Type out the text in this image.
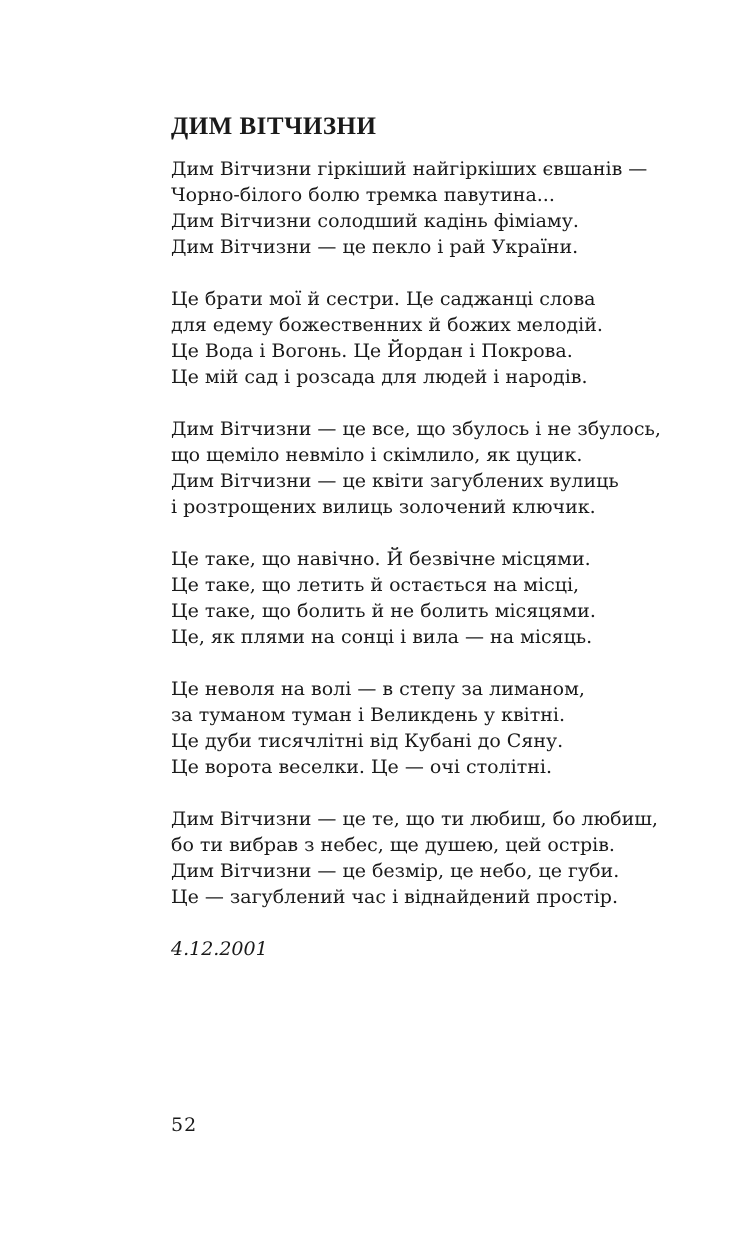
ДИМ ВІТЧИЗНИ
Дим Вітчизни гіркіший найгіркіших євшанів —
Чорно-білого болю тремка павутина...
Дим Вітчизни солодший кадінь фіміаму.
Дим Вітчизни — це пекло і рай України.
Це брати мої й сестри. Це саджанці слова
для едему божественних й божих мелодій.
Це Вода і Вогонь. Це Йордан і Покрова.
Це мій сад і розсада для людей і народів.
Дим Вітчизни — це все, що збулось і не збулось,
що щеміло невміло і скімлило, як цуцик.
Дим Вітчизни — це квіти загублених вулиць
і розтрощених вилиць золочений ключик.
Це таке, що навічно. Й безвічне місцями.
Це таке, що летить й остається на місці,
Це таке, що болить й не болить місяцями.
Це, як плями на сонці і вила — на місяць.
Це неволя на волі — в степу за лиманом,
за туманом туман і Великдень у квітні.
Це дуби тисячлітні від Кубані до Сяну.
Це ворота веселки. Це — очі столітні.
Дим Вітчизни — це те, що ти любиш, бо любиш,
бо ти вибрав з небес, ще душею, цей острів.
Дим Вітчизни — це безмір, це небо, це губи.
Це — загублений час і віднайдений простір.
4.12.2001
52
